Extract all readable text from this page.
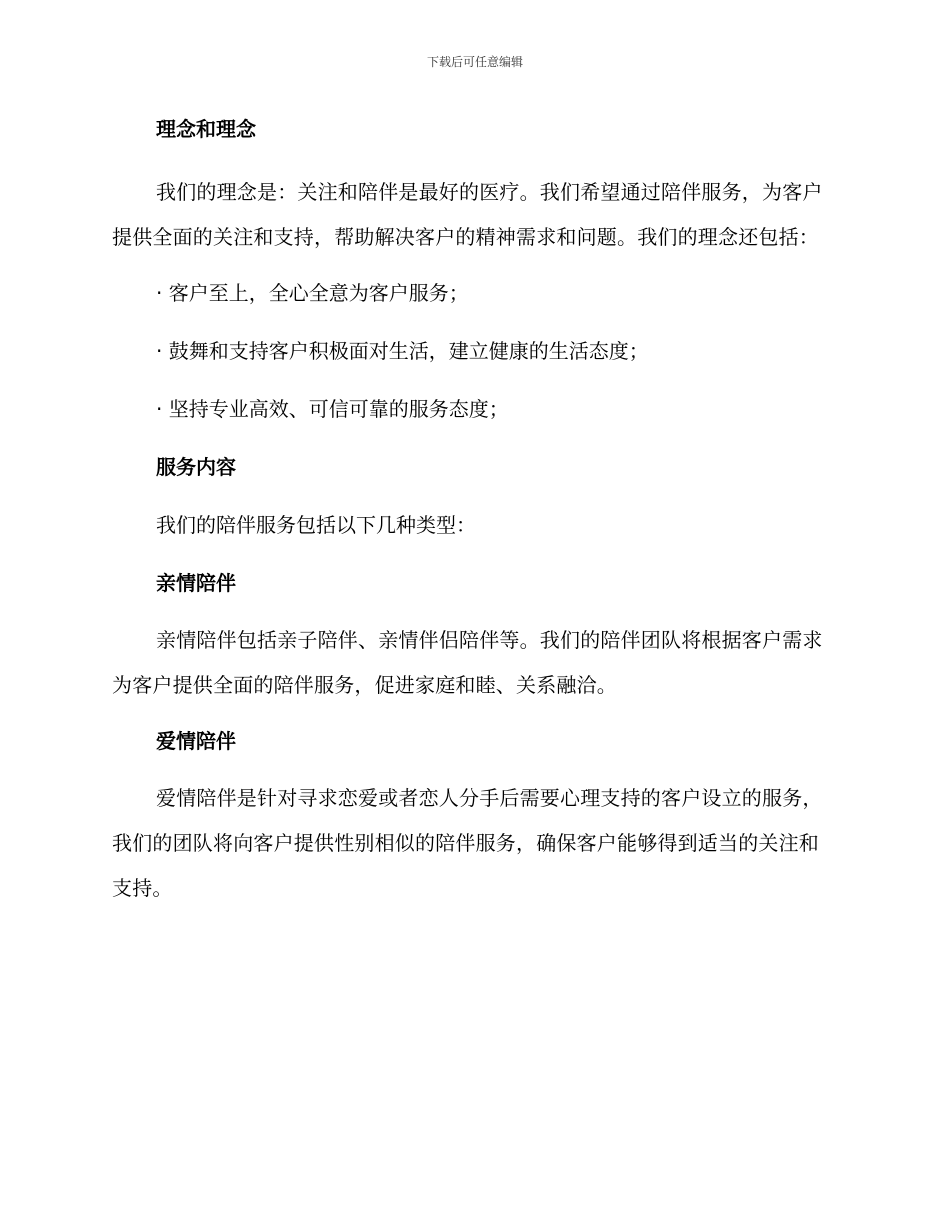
下载后可任意编辑

理念和理念

我们的理念是：关注和陪伴是最好的医疗。我们希望通过陪伴服务，为客户提供全面的关注和支持，帮助解决客户的精神需求和问题。我们的理念还包括：

· 客户至上，全心全意为客户服务；

· 鼓舞和支持客户积极面对生活，建立健康的生活态度；

· 坚持专业高效、可信可靠的服务态度；

服务内容

我们的陪伴服务包括以下几种类型：

亲情陪伴

亲情陪伴包括亲子陪伴、亲情伴侣陪伴等。我们的陪伴团队将根据客户需求为客户提供全面的陪伴服务，促进家庭和睦、关系融洽。

爱情陪伴

爱情陪伴是针对寻求恋爱或者恋人分手后需要心理支持的客户设立的服务，我们的团队将向客户提供性别相似的陪伴服务，确保客户能够得到适当的关注和支持。
